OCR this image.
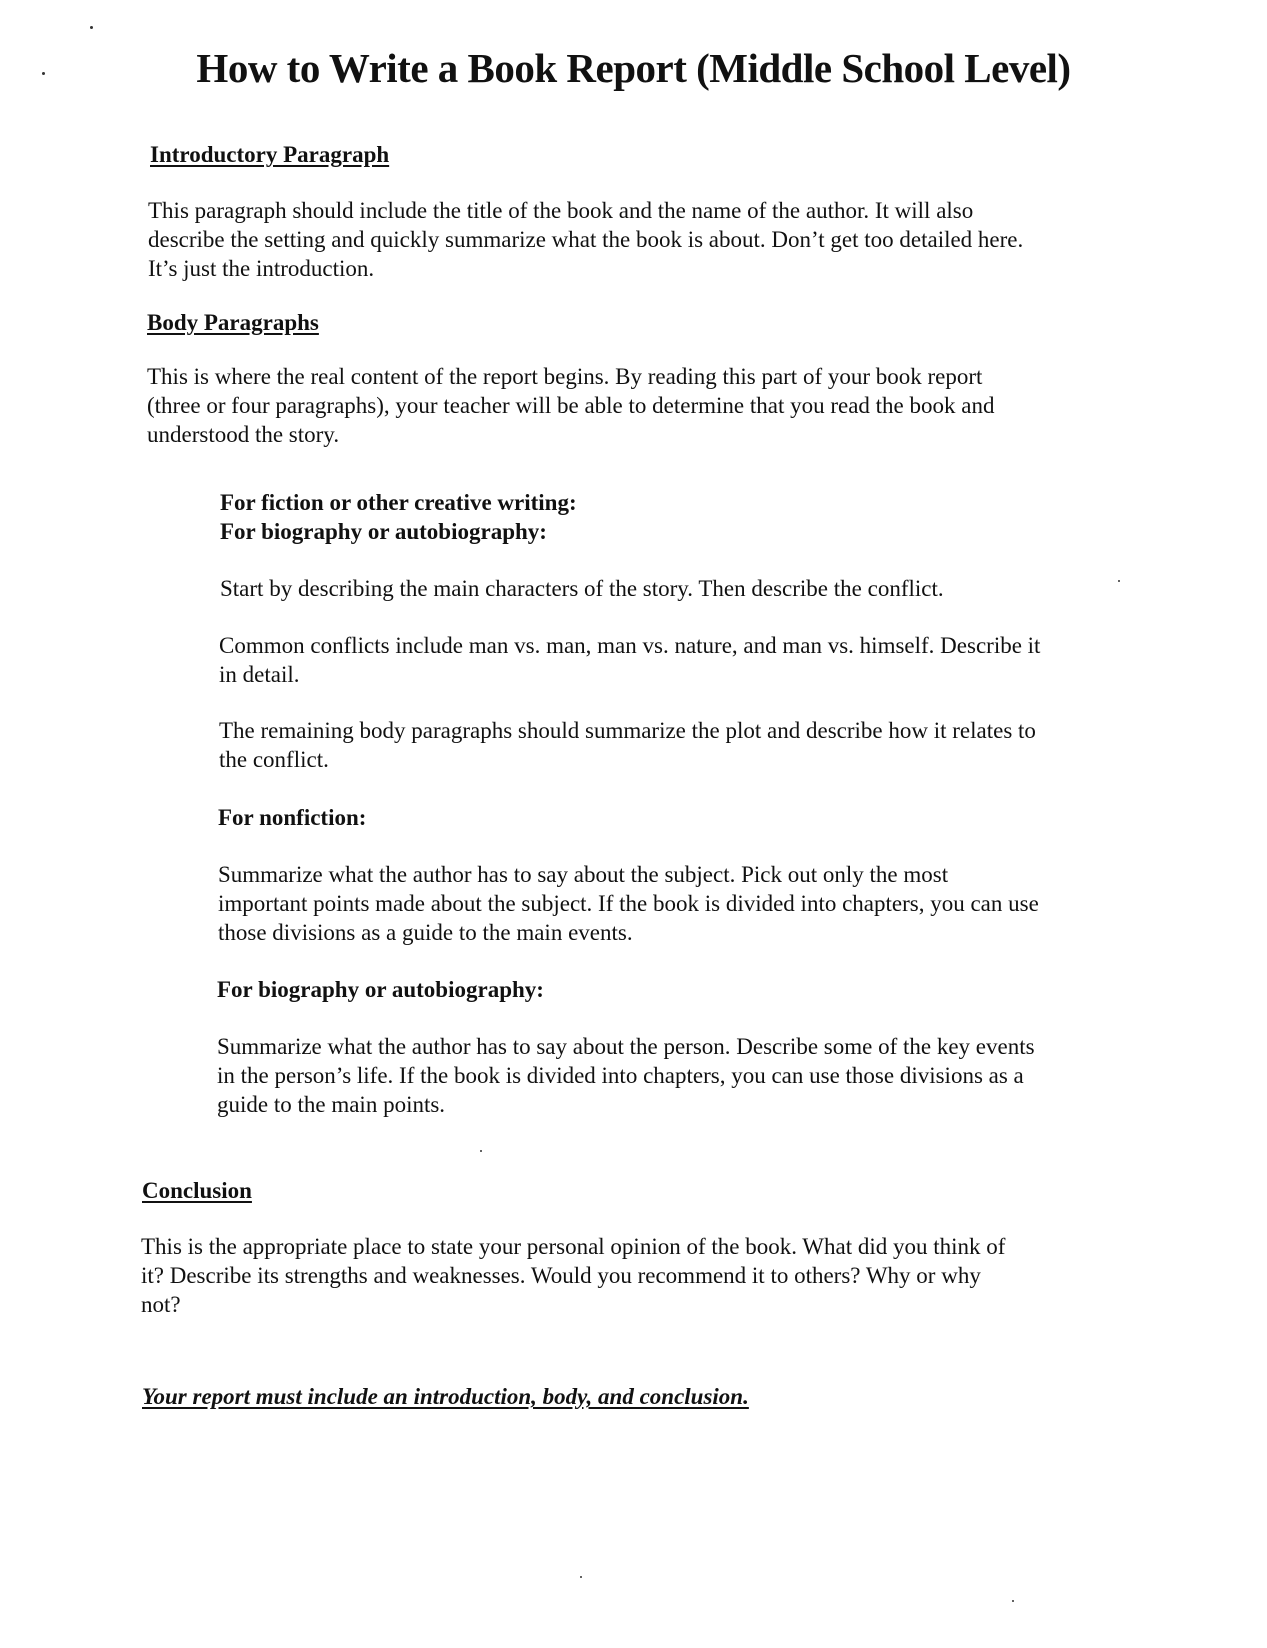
How to Write a Book Report (Middle School Level)
Introductory Paragraph

This paragraph should include the title of the book and the name of the author. It will also
describe the setting and quickly summarize what the book is about. Don’t get too detailed here.
It’s just the introduction.

Body Paragraphs

This is where the real content of the report begins. By reading this part of your book report
(three or four paragraphs), your teacher will be able to determine that you read the book and
understood the story.

For fiction or other creative writing:
For biography or autobiography:

Start by describing the main characters of the story. Then describe the conflict.

Common conflicts include man vs. man, man vs. nature, and man vs. himself. Describe it
in detail.

The remaining body paragraphs should summarize the plot and describe how it relates to
the conflict.

For nonfiction:

Summarize what the author has to say about the subject. Pick out only the most
important points made about the subject. If the book is divided into chapters, you can use
those divisions as a guide to the main events.

For biography or autobiography:

Summarize what the author has to say about the person. Describe some of the key events
in the person’s life. If the book is divided into chapters, you can use those divisions as a
guide to the main points.

Conclusion

This is the appropriate place to state your personal opinion of the book. What did you think of
it? Describe its strengths and weaknesses. Would you recommend it to others? Why or why
not?

Your report must include an introduction, body, and conclusion.
